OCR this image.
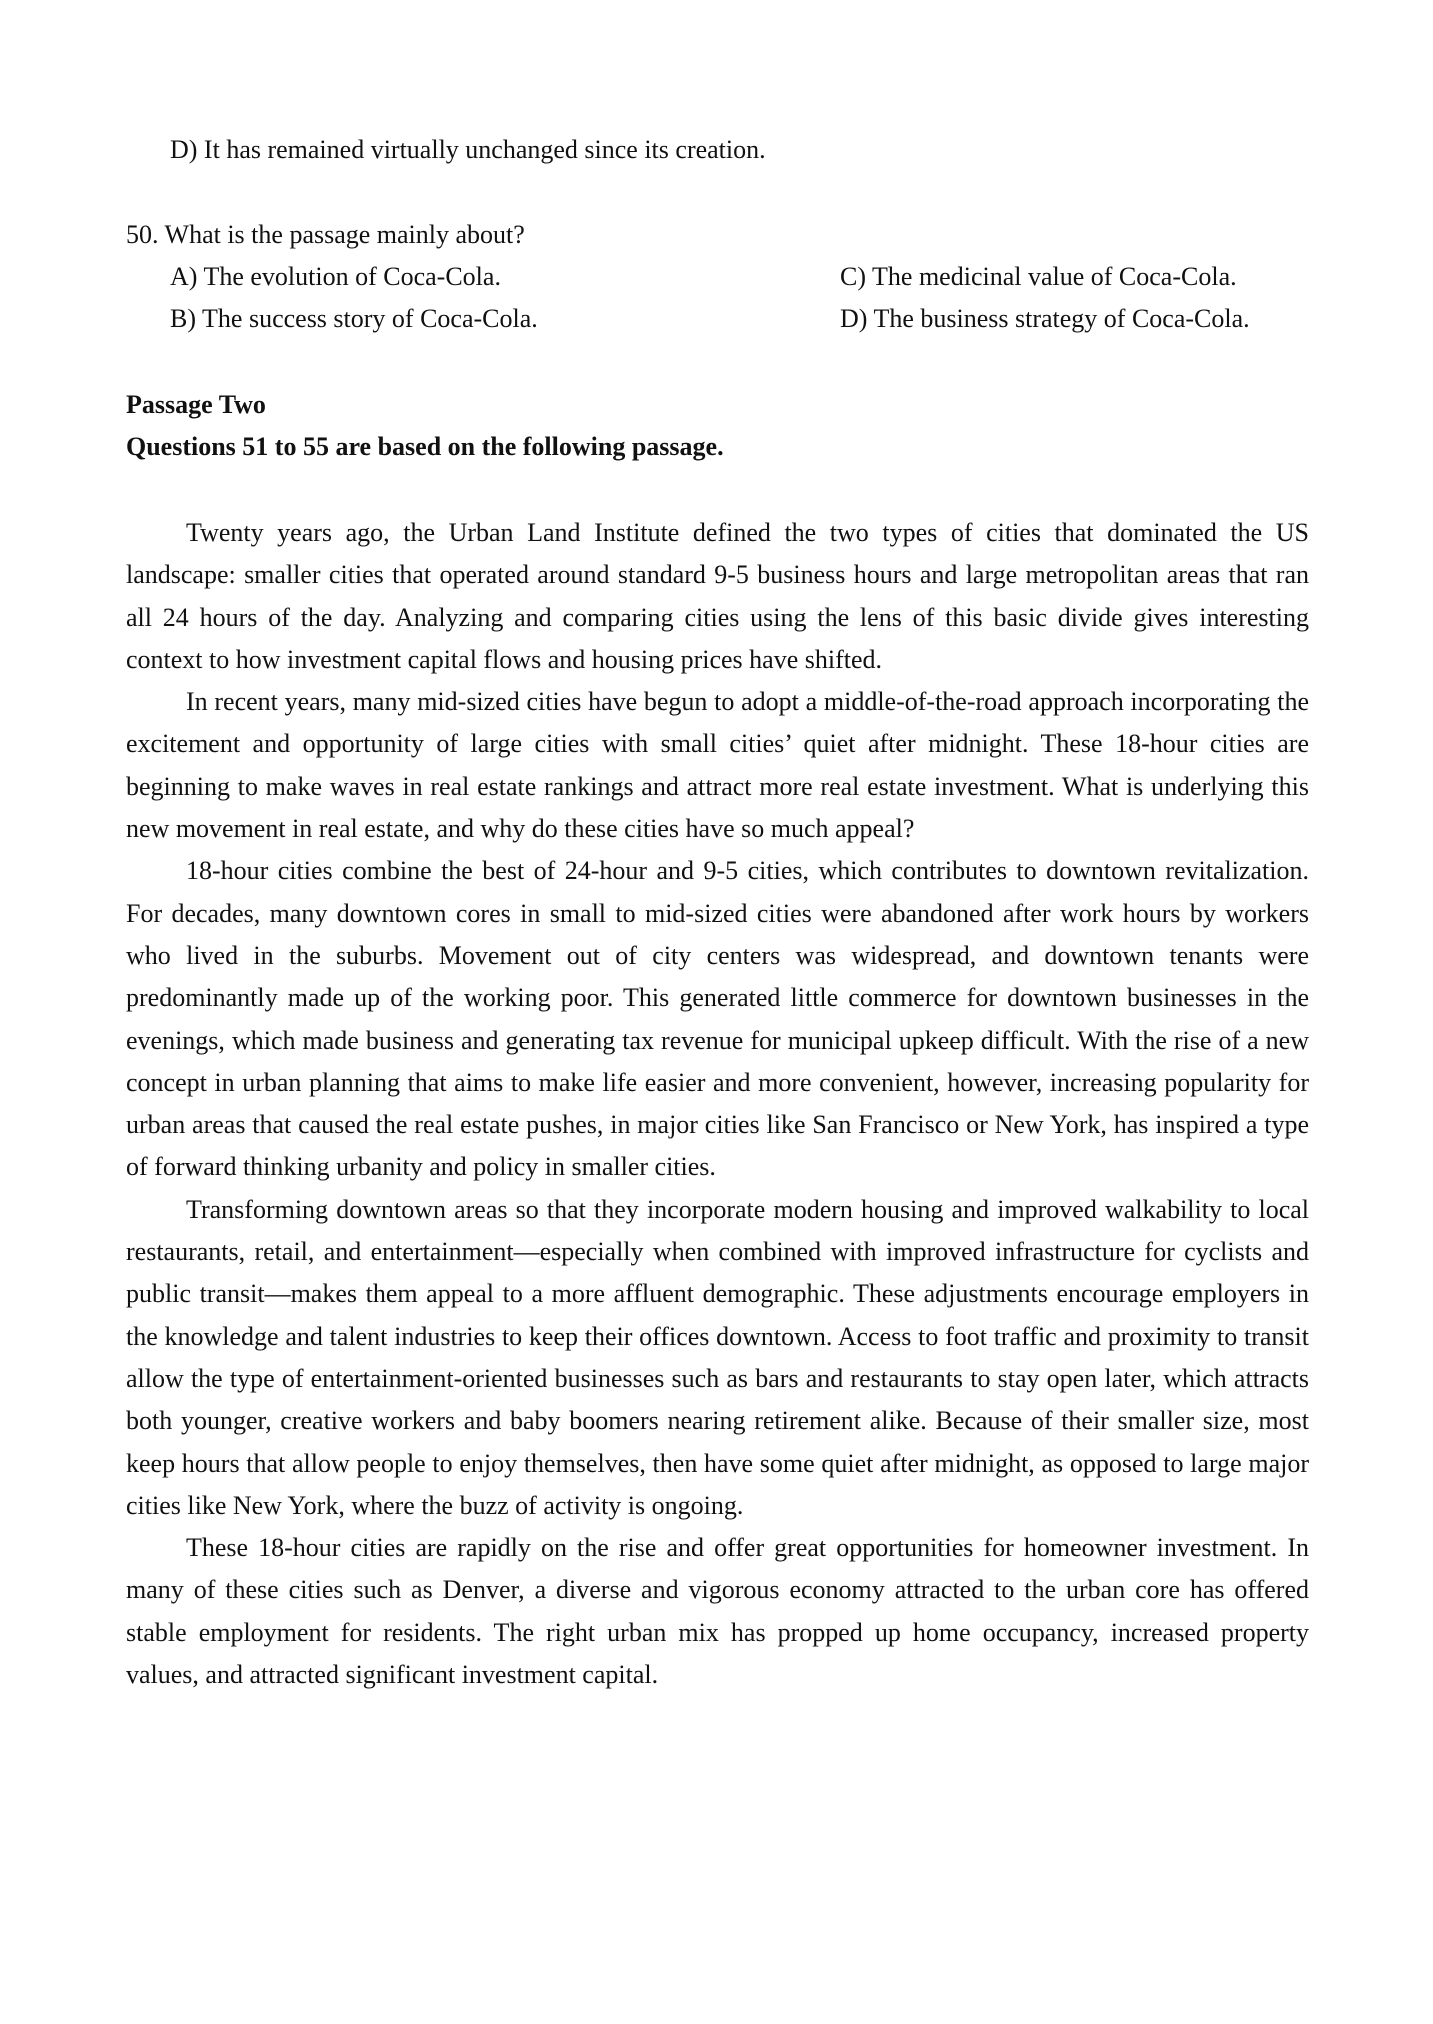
D) It has remained virtually unchanged since its creation.
50. What is the passage mainly about?
A) The evolution of Coca-Cola.
B) The success story of Coca-Cola.
C) The medicinal value of Coca-Cola.
D) The business strategy of Coca-Cola.
Passage Two
Questions 51 to 55 are based on the following passage.

Twenty years ago, the Urban Land Institute defined the two types of cities that dominated the US landscape: smaller cities that operated around standard 9-5 business hours and large metropolitan areas that ran all 24 hours of the day. Analyzing and comparing cities using the lens of this basic divide gives interesting context to how investment capital flows and housing prices have shifted.

In recent years, many mid-sized cities have begun to adopt a middle-of-the-road approach incorporating the excitement and opportunity of large cities with small cities’ quiet after midnight. These 18-hour cities are beginning to make waves in real estate rankings and attract more real estate investment. What is underlying this new movement in real estate, and why do these cities have so much appeal?

18-hour cities combine the best of 24-hour and 9-5 cities, which contributes to downtown revitalization. For decades, many downtown cores in small to mid-sized cities were abandoned after work hours by workers who lived in the suburbs. Movement out of city centers was widespread, and downtown tenants were predominantly made up of the working poor. This generated little commerce for downtown businesses in the evenings, which made business and generating tax revenue for municipal upkeep difficult. With the rise of a new concept in urban planning that aims to make life easier and more convenient, however, increasing popularity for urban areas that caused the real estate pushes, in major cities like San Francisco or New York, has inspired a type of forward thinking urbanity and policy in smaller cities.

Transforming downtown areas so that they incorporate modern housing and improved walkability to local restaurants, retail, and entertainment—especially when combined with improved infrastructure for cyclists and public transit—makes them appeal to a more affluent demographic. These adjustments encourage employers in the knowledge and talent industries to keep their offices downtown. Access to foot traffic and proximity to transit allow the type of entertainment-oriented businesses such as bars and restaurants to stay open later, which attracts both younger, creative workers and baby boomers nearing retirement alike. Because of their smaller size, most keep hours that allow people to enjoy themselves, then have some quiet after midnight, as opposed to large major cities like New York, where the buzz of activity is ongoing.

These 18-hour cities are rapidly on the rise and offer great opportunities for homeowner investment. In many of these cities such as Denver, a diverse and vigorous economy attracted to the urban core has offered stable employment for residents. The right urban mix has propped up home occupancy, increased property values, and attracted significant investment capital.
